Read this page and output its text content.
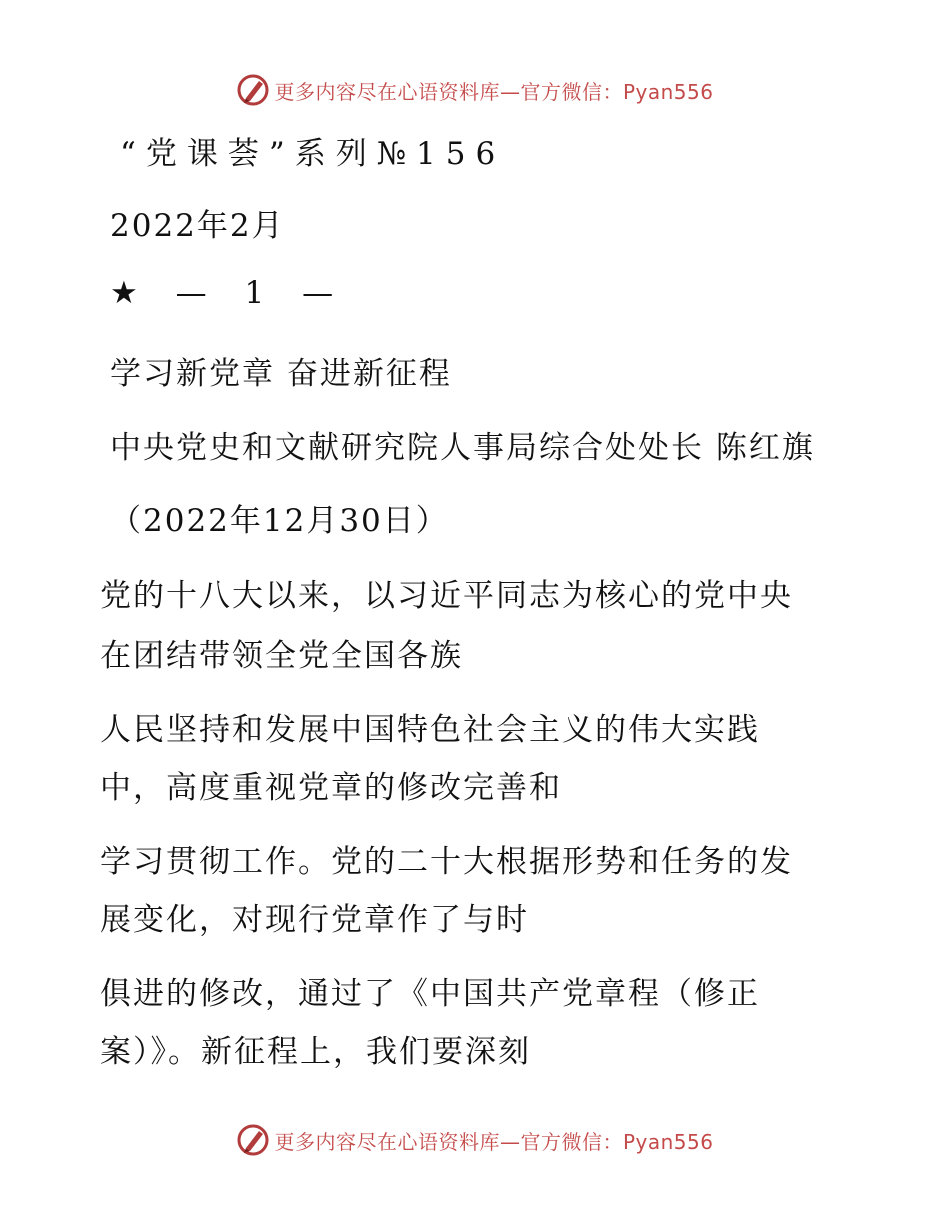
更多内容尽在心语资料库—官方微信：Pyan556
“党课荟”系列№156
2022年2月
★ — 1 —
学习新党章 奋进新征程
中央党史和文献研究院人事局综合处处长 陈红旗
（2022年12月30日）
党的十八大以来，以习近平同志为核心的党中央
在团结带领全党全国各族
人民坚持和发展中国特色社会主义的伟大实践
中，高度重视党章的修改完善和
学习贯彻工作。党的二十大根据形势和任务的发
展变化，对现行党章作了与时
俱进的修改，通过了《中国共产党章程（修正
案）》。新征程上，我们要深刻
更多内容尽在心语资料库—官方微信：Pyan556
